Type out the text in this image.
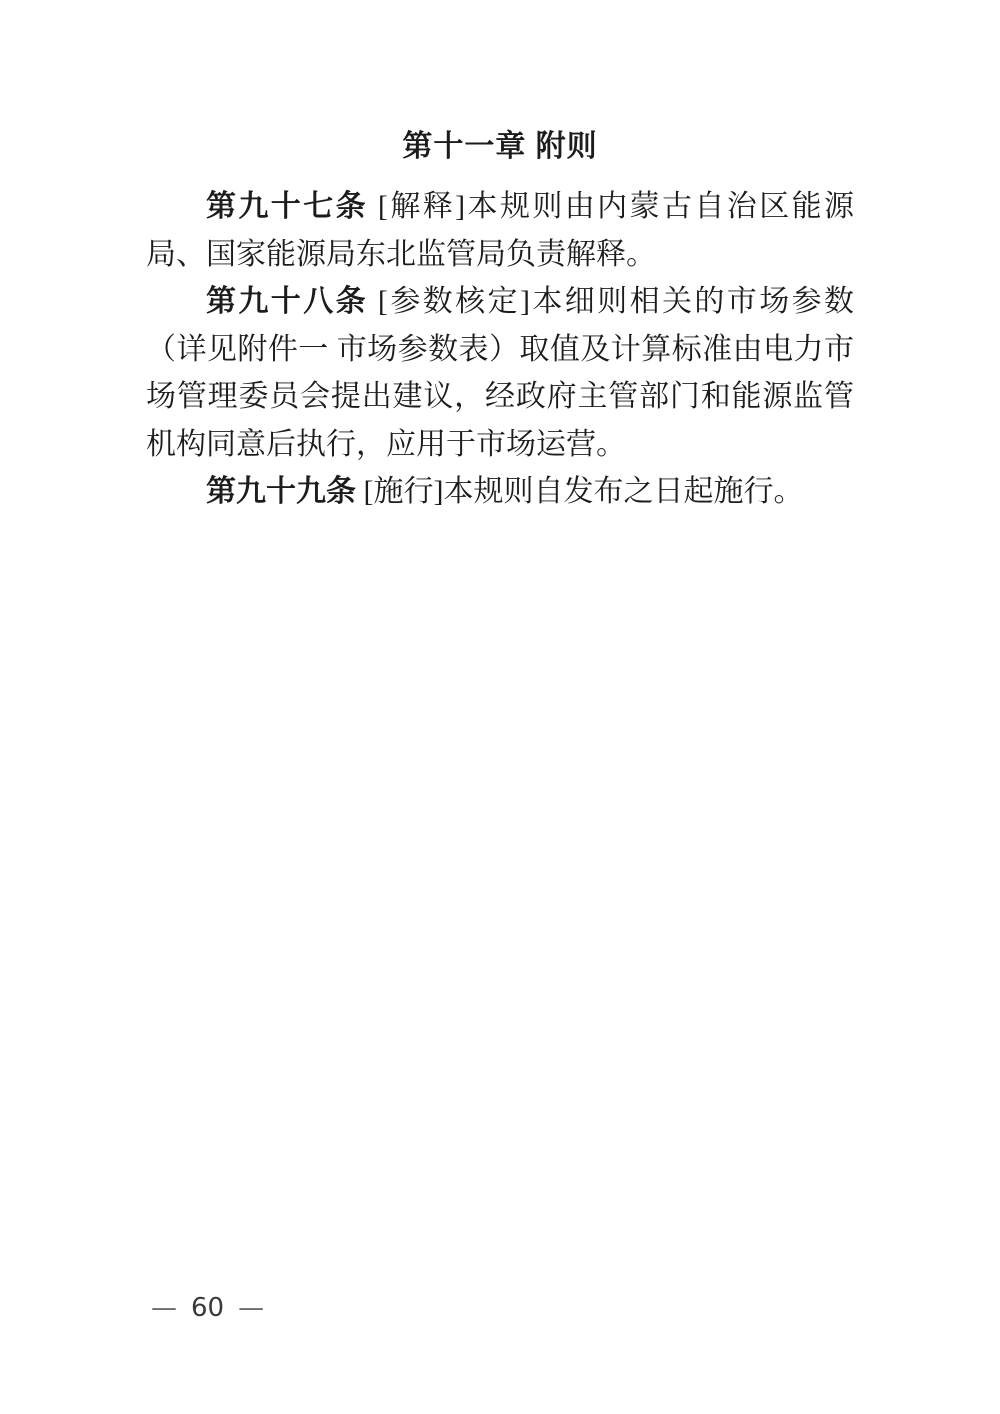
第十一章 附则

第九十七条 [解释]本规则由内蒙古自治区能源局、国家能源局东北监管局负责解释。

第九十八条 [参数核定]本细则相关的市场参数（详见附件一 市场参数表）取值及计算标准由电力市场管理委员会提出建议，经政府主管部门和能源监管机构同意后执行，应用于市场运营。

第九十九条 [施行]本规则自发布之日起施行。

— 60 —
